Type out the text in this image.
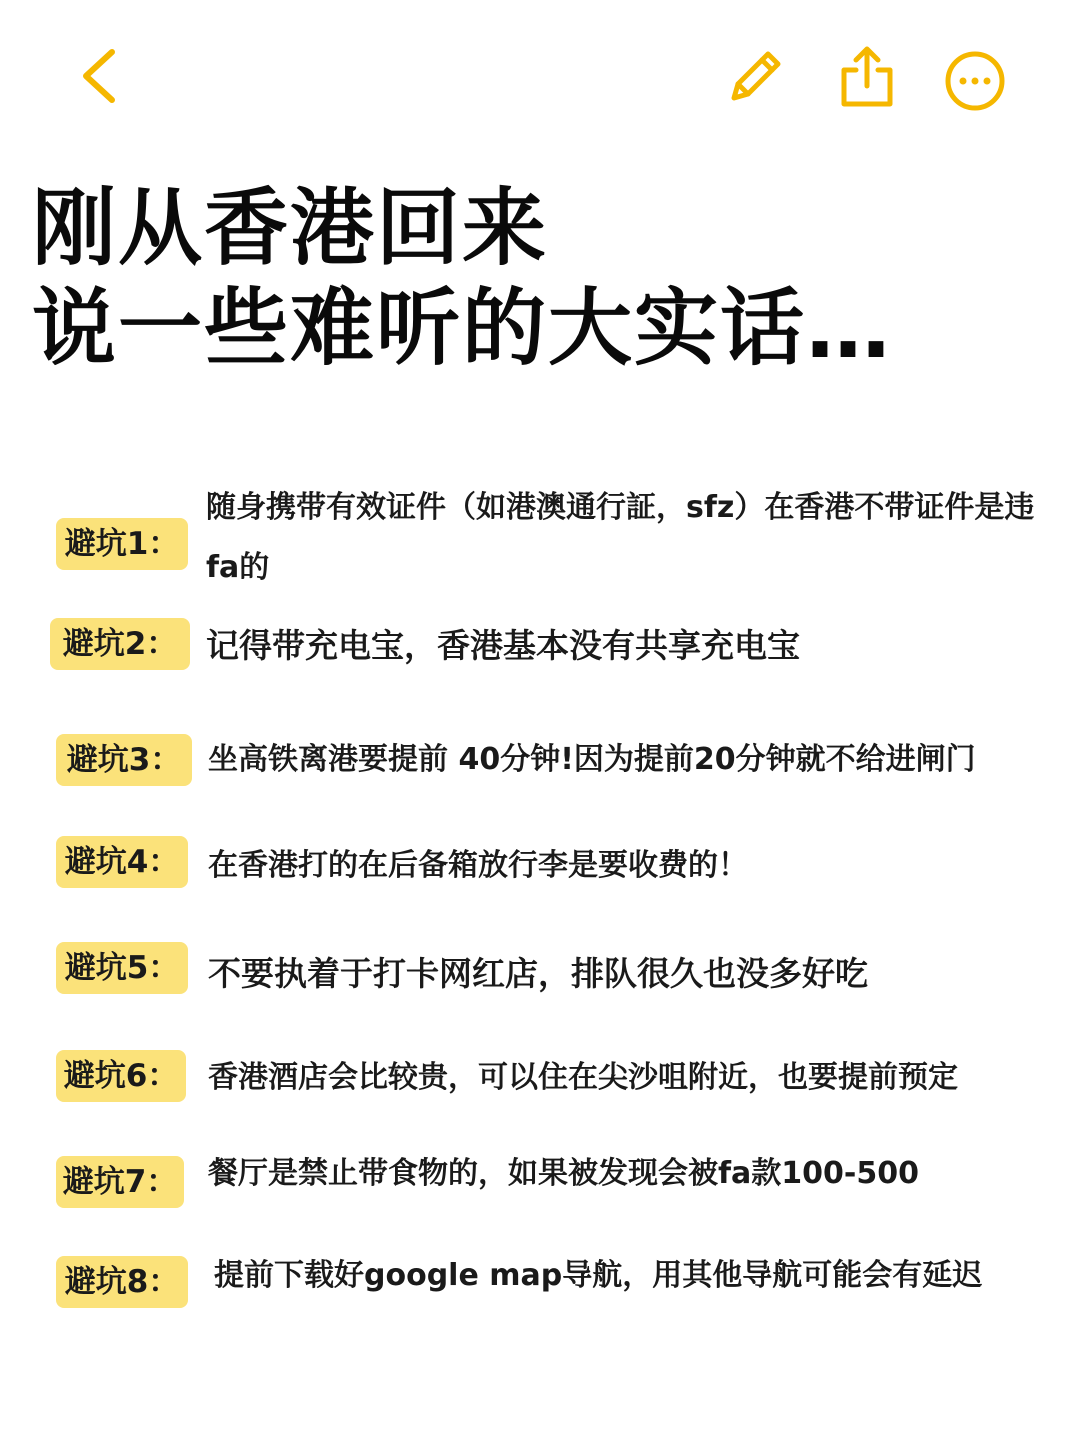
刚从香港回来
说一些难听的大实话…
避坑1：
随身携带有效证件（如港澳通行証，sfz）在香港不带证件是违fa的
避坑2： 记得带充电宝，香港基本没有共享充电宝
避坑3： 坐高铁离港要提前 40分钟!因为提前20分钟就不给进闸门
避坑4： 在香港打的在后备箱放行李是要收费的！
避坑5： 不要执着于打卡网红店，排队很久也没多好吃
避坑6： 香港酒店会比较贵，可以住在尖沙咀附近，也要提前预定
避坑7： 餐厅是禁止带食物的，如果被发现会被fa款100-500
避坑8： 提前下载好google map导航，用其他导航可能会有延迟
